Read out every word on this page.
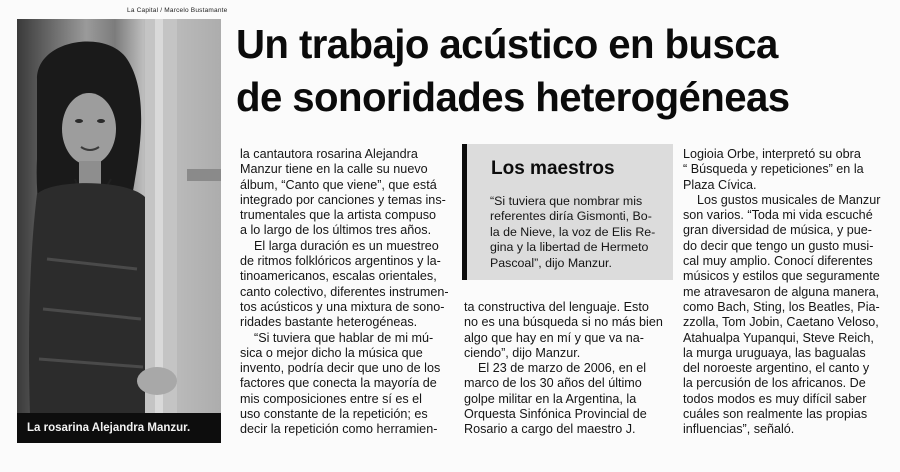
La Capital / Marcelo Bustamante
La rosarina Alejandra Manzur.
Un trabajo acústico en busca
de sonoridades heterogéneas
la cantautora rosarina Alejandra
Manzur tiene en la calle su nuevo
álbum, “Canto que viene”, que está
integrado por canciones y temas ins-
trumentales que la artista compuso
a lo largo de los últimos tres años.
El larga duración es un muestreo
de ritmos folklóricos argentinos y la-
tinoamericanos, escalas orientales,
canto colectivo, diferentes instrumen-
tos acústicos y una mixtura de sono-
ridades bastante heterogéneas.
“Si tuviera que hablar de mi mú-
sica o mejor dicho la música que
invento, podría decir que uno de los
factores que conecta la mayoría de
mis composiciones entre sí es el
uso constante de la repetición; es
decir la repetición como herramien-
Los maestros
“Si tuviera que nombrar mis
referentes diría Gismonti, Bo-
la de Nieve, la voz de Elis Re-
gina y la libertad de Hermeto
Pascoal”, dijo Manzur.
ta constructiva del lenguaje. Esto
no es una búsqueda si no más bien
algo que hay en mí y que va na-
ciendo”, dijo Manzur.
El 23 de marzo de 2006, en el
marco de los 30 años del último
golpe militar en la Argentina, la
Orquesta Sinfónica Provincial de
Rosario a cargo del maestro J.
Logioia Orbe, interpretó su obra
“ Búsqueda y repeticiones” en la
Plaza Cívica.
Los gustos musicales de Manzur
son varios. “Toda mi vida escuché
gran diversidad de música, y pue-
do decir que tengo un gusto musi-
cal muy amplio. Conocí diferentes
músicos y estilos que seguramente
me atravesaron de alguna manera,
como Bach, Sting, los Beatles, Pia-
zzolla, Tom Jobin, Caetano Veloso,
Atahualpa Yupanqui, Steve Reich,
la murga uruguaya, las bagualas
del noroeste argentino, el canto y
la percusión de los africanos. De
todos modos es muy difícil saber
cuáles son realmente las propias
influencias”, señaló.
